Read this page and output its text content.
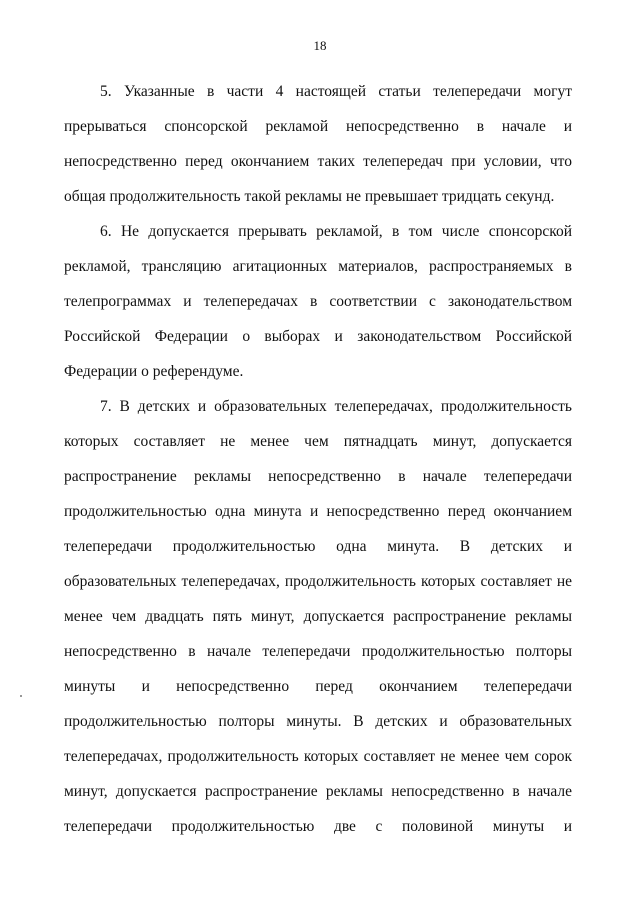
18
5. Указанные в части 4 настоящей статьи телепередачи могут
прерываться спонсорской рекламой непосредственно в начале и
непосредственно перед окончанием таких телепередач при условии, что
общая продолжительность такой рекламы не превышает тридцать секунд.
6. Не допускается прерывать рекламой, в том числе спонсорской
рекламой, трансляцию агитационных материалов, распространяемых в
телепрограммах и телепередачах в соответствии с законодательством
Российской Федерации о выборах и законодательством Российской
Федерации о референдуме.
7. В детских и образовательных телепередачах, продолжительность
которых составляет не менее чем пятнадцать минут, допускается
распространение рекламы непосредственно в начале телепередачи
продолжительностью одна минута и непосредственно перед окончанием
телепередачи продолжительностью одна минута. В детских и
образовательных телепередачах, продолжительность которых составляет не
менее чем двадцать пять минут, допускается распространение рекламы
непосредственно в начале телепередачи продолжительностью полторы
минуты и непосредственно перед окончанием телепередачи
продолжительностью полторы минуты. В детских и образовательных
телепередачах, продолжительность которых составляет не менее чем сорок
минут, допускается распространение рекламы непосредственно в начале
телепередачи продолжительностью две с половиной минуты и
